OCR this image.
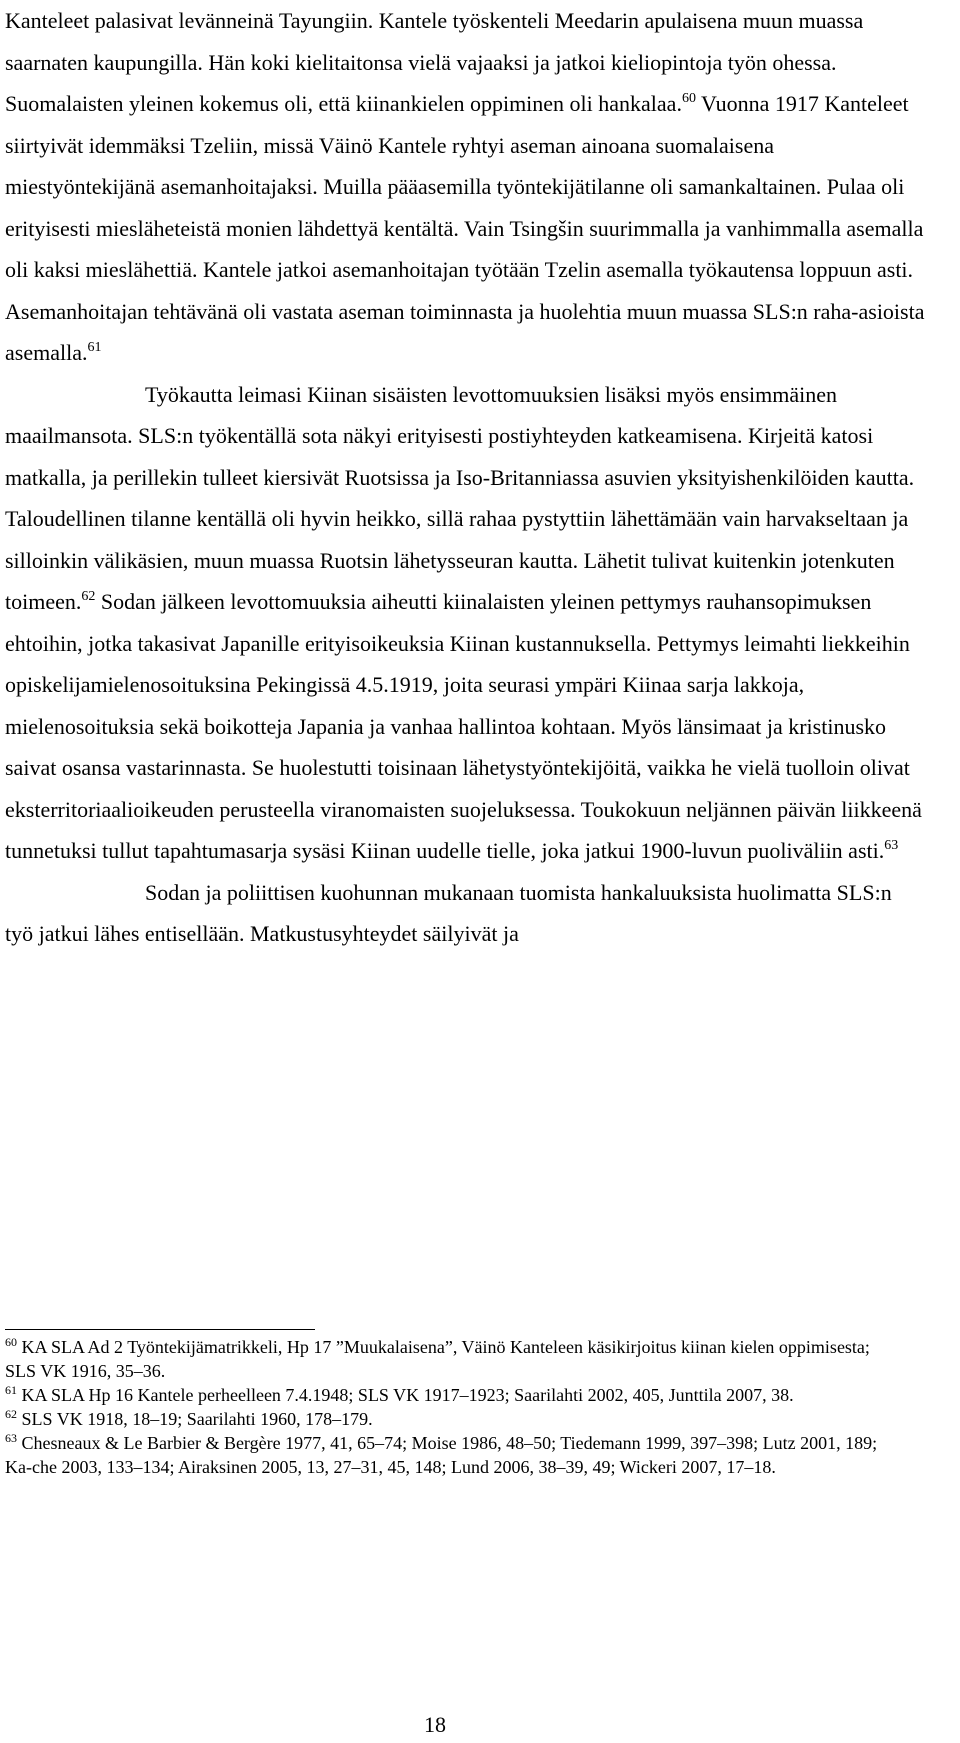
Kanteleet palasivat levänneinä Tayungiin. Kantele työskenteli Meedarin apulaisena muun muassa saarnaten kaupungilla. Hän koki kielitaitonsa vielä vajaaksi ja jatkoi kieliopintoja työn ohessa. Suomalaisten yleinen kokemus oli, että kiinankielen oppiminen oli hankalaa.$^{60}$ Vuonna 1917 Kanteleet siirtyivät idemmäksi Tzeliin, missä Väinö Kantele ryhtyi aseman ainoana suomalaisena miestyöntekijänä asemanhoitajaksi. Muilla pääasemilla työntekijätilanne oli samankaltainen. Pulaa oli erityisesti miesläheteistä monien lähdettyä kentältä. Vain Tsingšin suurimmalla ja vanhimmalla asemalla oli kaksi mieslähettiä. Kantele jatkoi asemanhoitajan työtään Tzelin asemalla työkautensa loppuun asti. Asemanhoitajan tehtävänä oli vastata aseman toiminnasta ja huolehtia muun muassa SLS:n raha-asioista asemalla.$^{61}$

Työkautta leimasi Kiinan sisäisten levottomuuksien lisäksi myös ensimmäinen maailmansota. SLS:n työkentällä sota näkyi erityisesti postiyhteyden katkeamisena. Kirjeitä katosi matkalla, ja perillekin tulleet kiersivät Ruotsissa ja Iso-Britanniassa asuvien yksityishenkilöiden kautta. Taloudellinen tilanne kentällä oli hyvin heikko, sillä rahaa pystyttiin lähettämään vain harvakseltaan ja silloinkin välikäsien, muun muassa Ruotsin lähetysseuran kautta. Lähetit tulivat kuitenkin jotenkuten toimeen.$^{62}$ Sodan jälkeen levottomuuksia aiheutti kiinalaisten yleinen pettymys rauhansopimuksen ehtoihin, jotka takasivat Japanille erityisoikeuksia Kiinan kustannuksella. Pettymys leimahti liekkeihin opiskelijamielenosoituksina Pekingissä 4.5.1919, joita seurasi ympäri Kiinaa sarja lakkoja, mielenosoituksia sekä boikotteja Japania ja vanhaa hallintoa kohtaan. Myös länsimaat ja kristinusko saivat osansa vastarinnasta. Se huolestutti toisinaan lähetystyöntekijöitä, vaikka he vielä tuolloin olivat eksterritoriaalioikeuden perusteella viranomaisten suojeluksessa. Toukokuun neljännen päivän liikkeenä tunnetuksi tullut tapahtumasarja sysäsi Kiinan uudelle tielle, joka jatkui 1900-luvun puoliväliin asti.$^{63}$

Sodan ja poliittisen kuohunnan mukanaan tuomista hankaluuksista huolimatta SLS:n työ jatkui lähes entisellään. Matkustusyhteydet säilyivät ja

$^{60}$ KA SLA Ad 2 Työntekijämatrikkeli, Hp 17 ”Muukalaisena”, Väinö Kanteleen käsikirjoitus kiinan kielen oppimisesta; SLS VK 1916, 35–36.

$^{61}$ KA SLA Hp 16 Kantele perheelleen 7.4.1948; SLS VK 1917–1923; Saarilahti 2002, 405, Junttila 2007, 38.

$^{62}$ SLS VK 1918, 18–19; Saarilahti 1960, 178–179.

$^{63}$ Chesneaux & Le Barbier & Bergère 1977, 41, 65–74; Moise 1986, 48–50; Tiedemann 1999, 397–398; Lutz 2001, 189; Ka-che 2003, 133–134; Airaksinen 2005, 13, 27–31, 45, 148; Lund 2006, 38–39, 49; Wickeri 2007, 17–18.

18
